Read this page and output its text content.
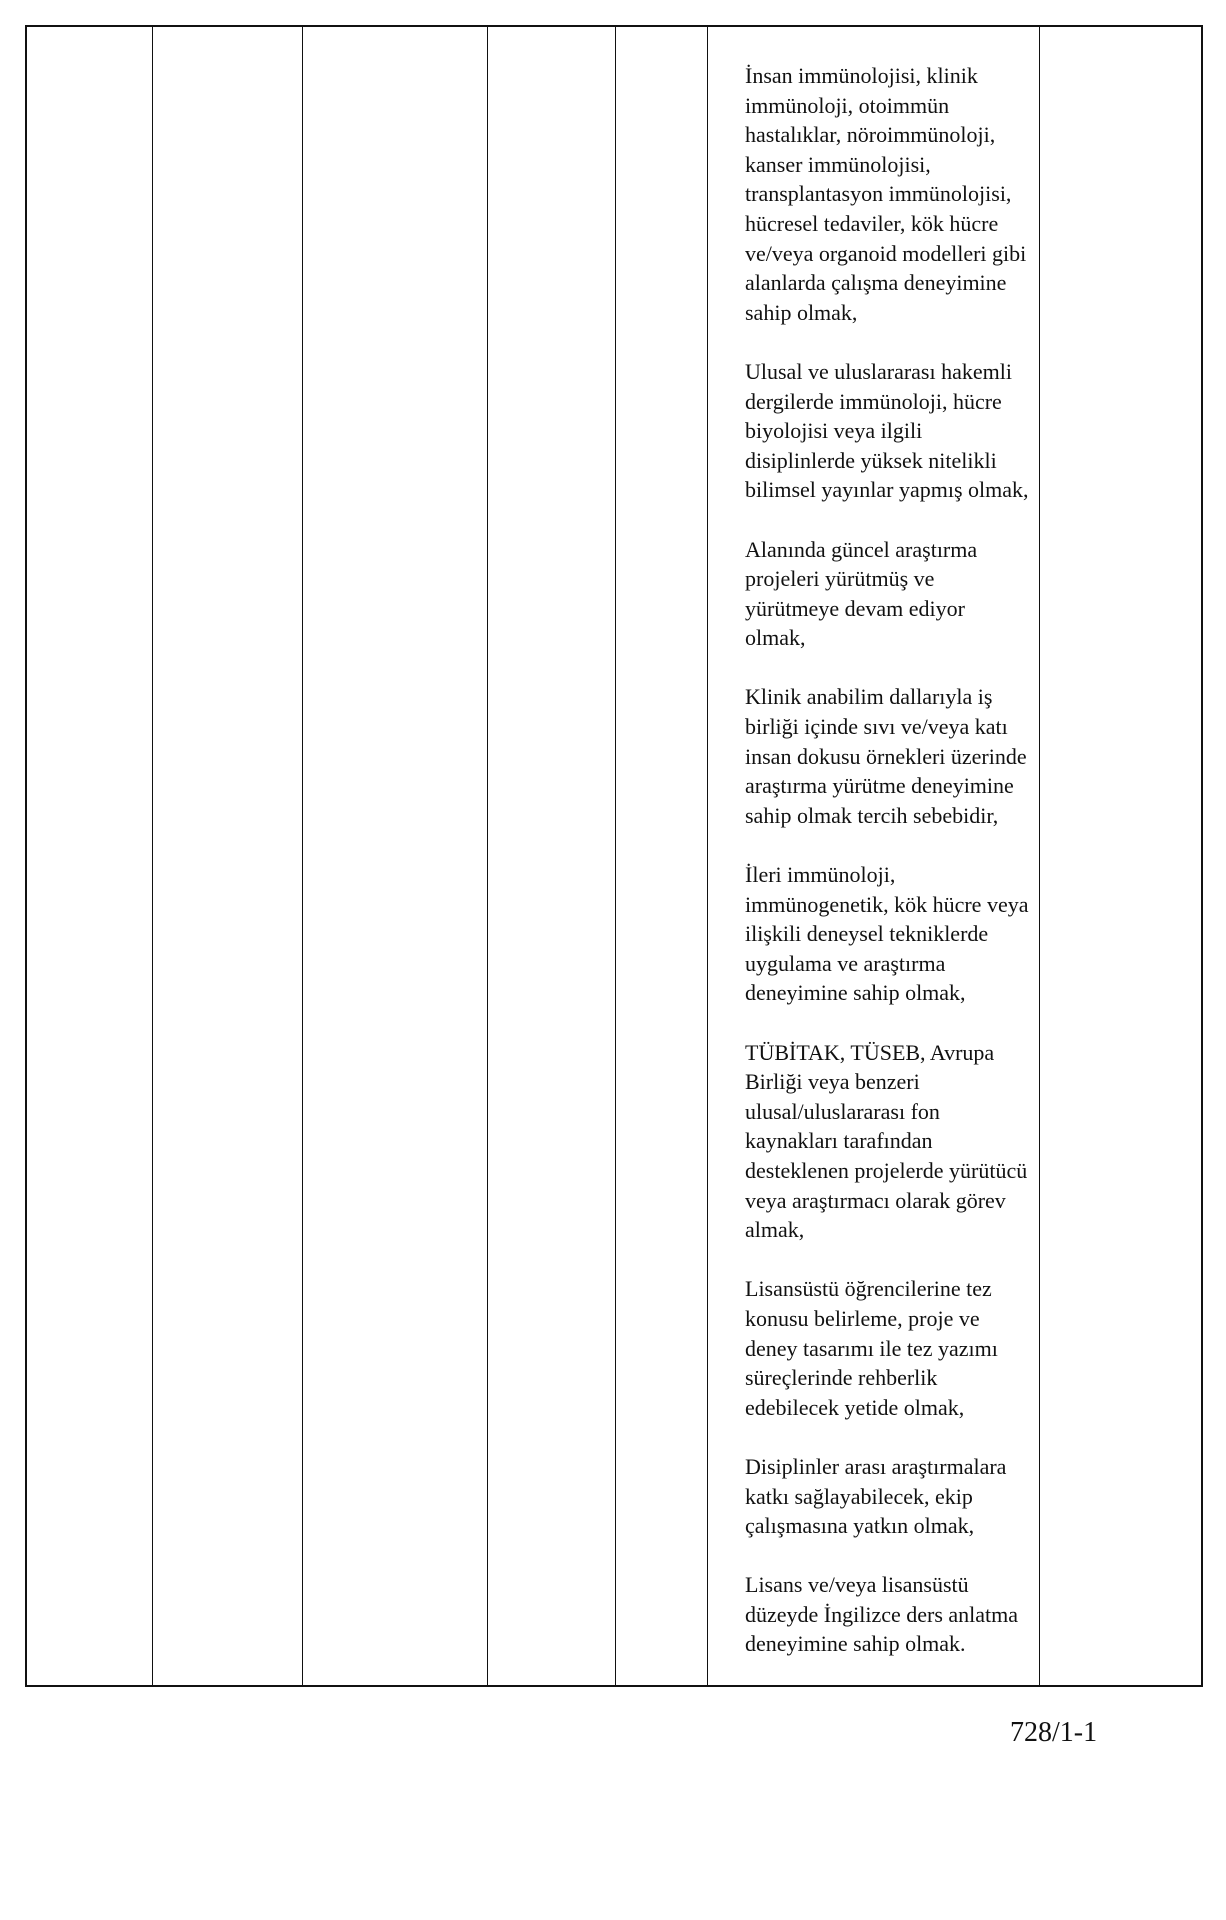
İnsan immünolojisi, klinik
immünoloji, otoimmün
hastalıklar, nöroimmünoloji,
kanser immünolojisi,
transplantasyon immünolojisi,
hücresel tedaviler, kök hücre
ve/veya organoid modelleri gibi
alanlarda çalışma deneyimine
sahip olmak,

Ulusal ve uluslararası hakemli
dergilerde immünoloji, hücre
biyolojisi veya ilgili
disiplinlerde yüksek nitelikli
bilimsel yayınlar yapmış olmak,

Alanında güncel araştırma
projeleri yürütmüş ve
yürütmeye devam ediyor
olmak,

Klinik anabilim dallarıyla iş
birliği içinde sıvı ve/veya katı
insan dokusu örnekleri üzerinde
araştırma yürütme deneyimine
sahip olmak tercih sebebidir,

İleri immünoloji,
immünogenetik, kök hücre veya
ilişkili deneysel tekniklerde
uygulama ve araştırma
deneyimine sahip olmak,

TÜBİTAK, TÜSEB, Avrupa
Birliği veya benzeri
ulusal/uluslararası fon
kaynakları tarafından
desteklenen projelerde yürütücü
veya araştırmacı olarak görev
almak,

Lisansüstü öğrencilerine tez
konusu belirleme, proje ve
deney tasarımı ile tez yazımı
süreçlerinde rehberlik
edebilecek yetide olmak,

Disiplinler arası araştırmalara
katkı sağlayabilecek, ekip
çalışmasına yatkın olmak,

Lisans ve/veya lisansüstü
düzeyde İngilizce ders anlatma
deneyimine sahip olmak.

728/1-1
